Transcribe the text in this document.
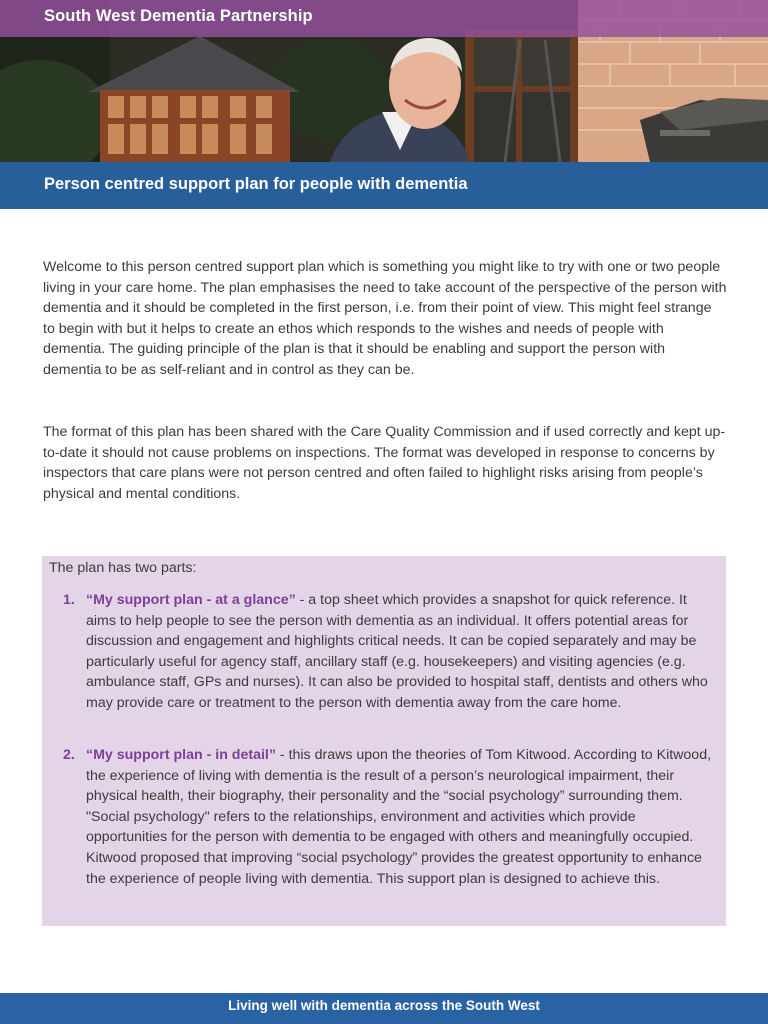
South West Dementia Partnership
Person centred support plan for people with dementia

Welcome to this person centred support plan which is something you might like to try with one or two people living in your care home. The plan emphasises the need to take account of the perspective of the person with dementia and it should be completed in the first person, i.e. from their point of view. This might feel strange to begin with but it helps to create an ethos which responds to the wishes and needs of people with dementia. The guiding principle of the plan is that it should be enabling and support the person with dementia to be as self-reliant and in control as they can be.

The format of this plan has been shared with the Care Quality Commission and if used correctly and kept up-to-date it should not cause problems on inspections. The format was developed in response to concerns by inspectors that care plans were not person centred and often failed to highlight risks arising from people’s physical and mental conditions.

The plan has two parts:
1. “My support plan - at a glance” - a top sheet which provides a snapshot for quick reference. It aims to help people to see the person with dementia as an individual. It offers potential areas for discussion and engagement and highlights critical needs. It can be copied separately and may be particularly useful for agency staff, ancillary staff (e.g. housekeepers) and visiting agencies (e.g. ambulance staff, GPs and nurses). It can also be provided to hospital staff, dentists and others who may provide care or treatment to the person with dementia away from the care home.
2. “My support plan - in detail” - this draws upon the theories of Tom Kitwood. According to Kitwood, the experience of living with dementia is the result of a person’s neurological impairment, their physical health, their biography, their personality and the “social psychology” surrounding them. "Social psychology" refers to the relationships, environment and activities which provide opportunities for the person with dementia to be engaged with others and meaningfully occupied. Kitwood proposed that improving “social psychology” provides the greatest opportunity to enhance the experience of people living with dementia. This support plan is designed to achieve this.
Living well with dementia across the South West
